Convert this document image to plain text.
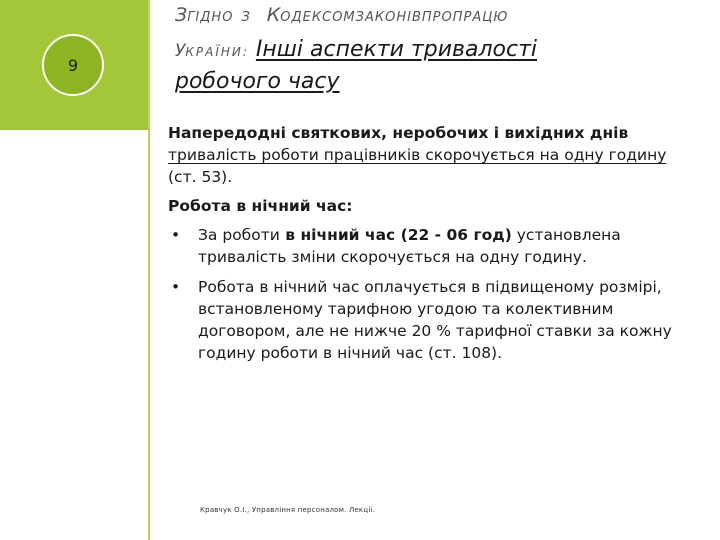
9
ЗГІДНО З КОДЕКСОМЗАКОНІВПРОПРАЦЮ
УКРАЇНИ: Інші аспекти тривалості
робочого часу

Напередодні святкових, неробочих і вихідних днів
тривалість роботи працівників скорочується на одну годину (ст. 53).

Робота в нічний час:

• За роботи в нічний час (22 - 06 год) установлена тривалість зміни скорочується на одну годину.
• Робота в нічний час оплачується в підвищеному розмірі, встановленому тарифною угодою та колективним договором, але не нижче 20 % тарифної ставки за кожну годину роботи в нічний час (ст. 108).
Кравчук О.І., Управління персоналом. Лекції.
